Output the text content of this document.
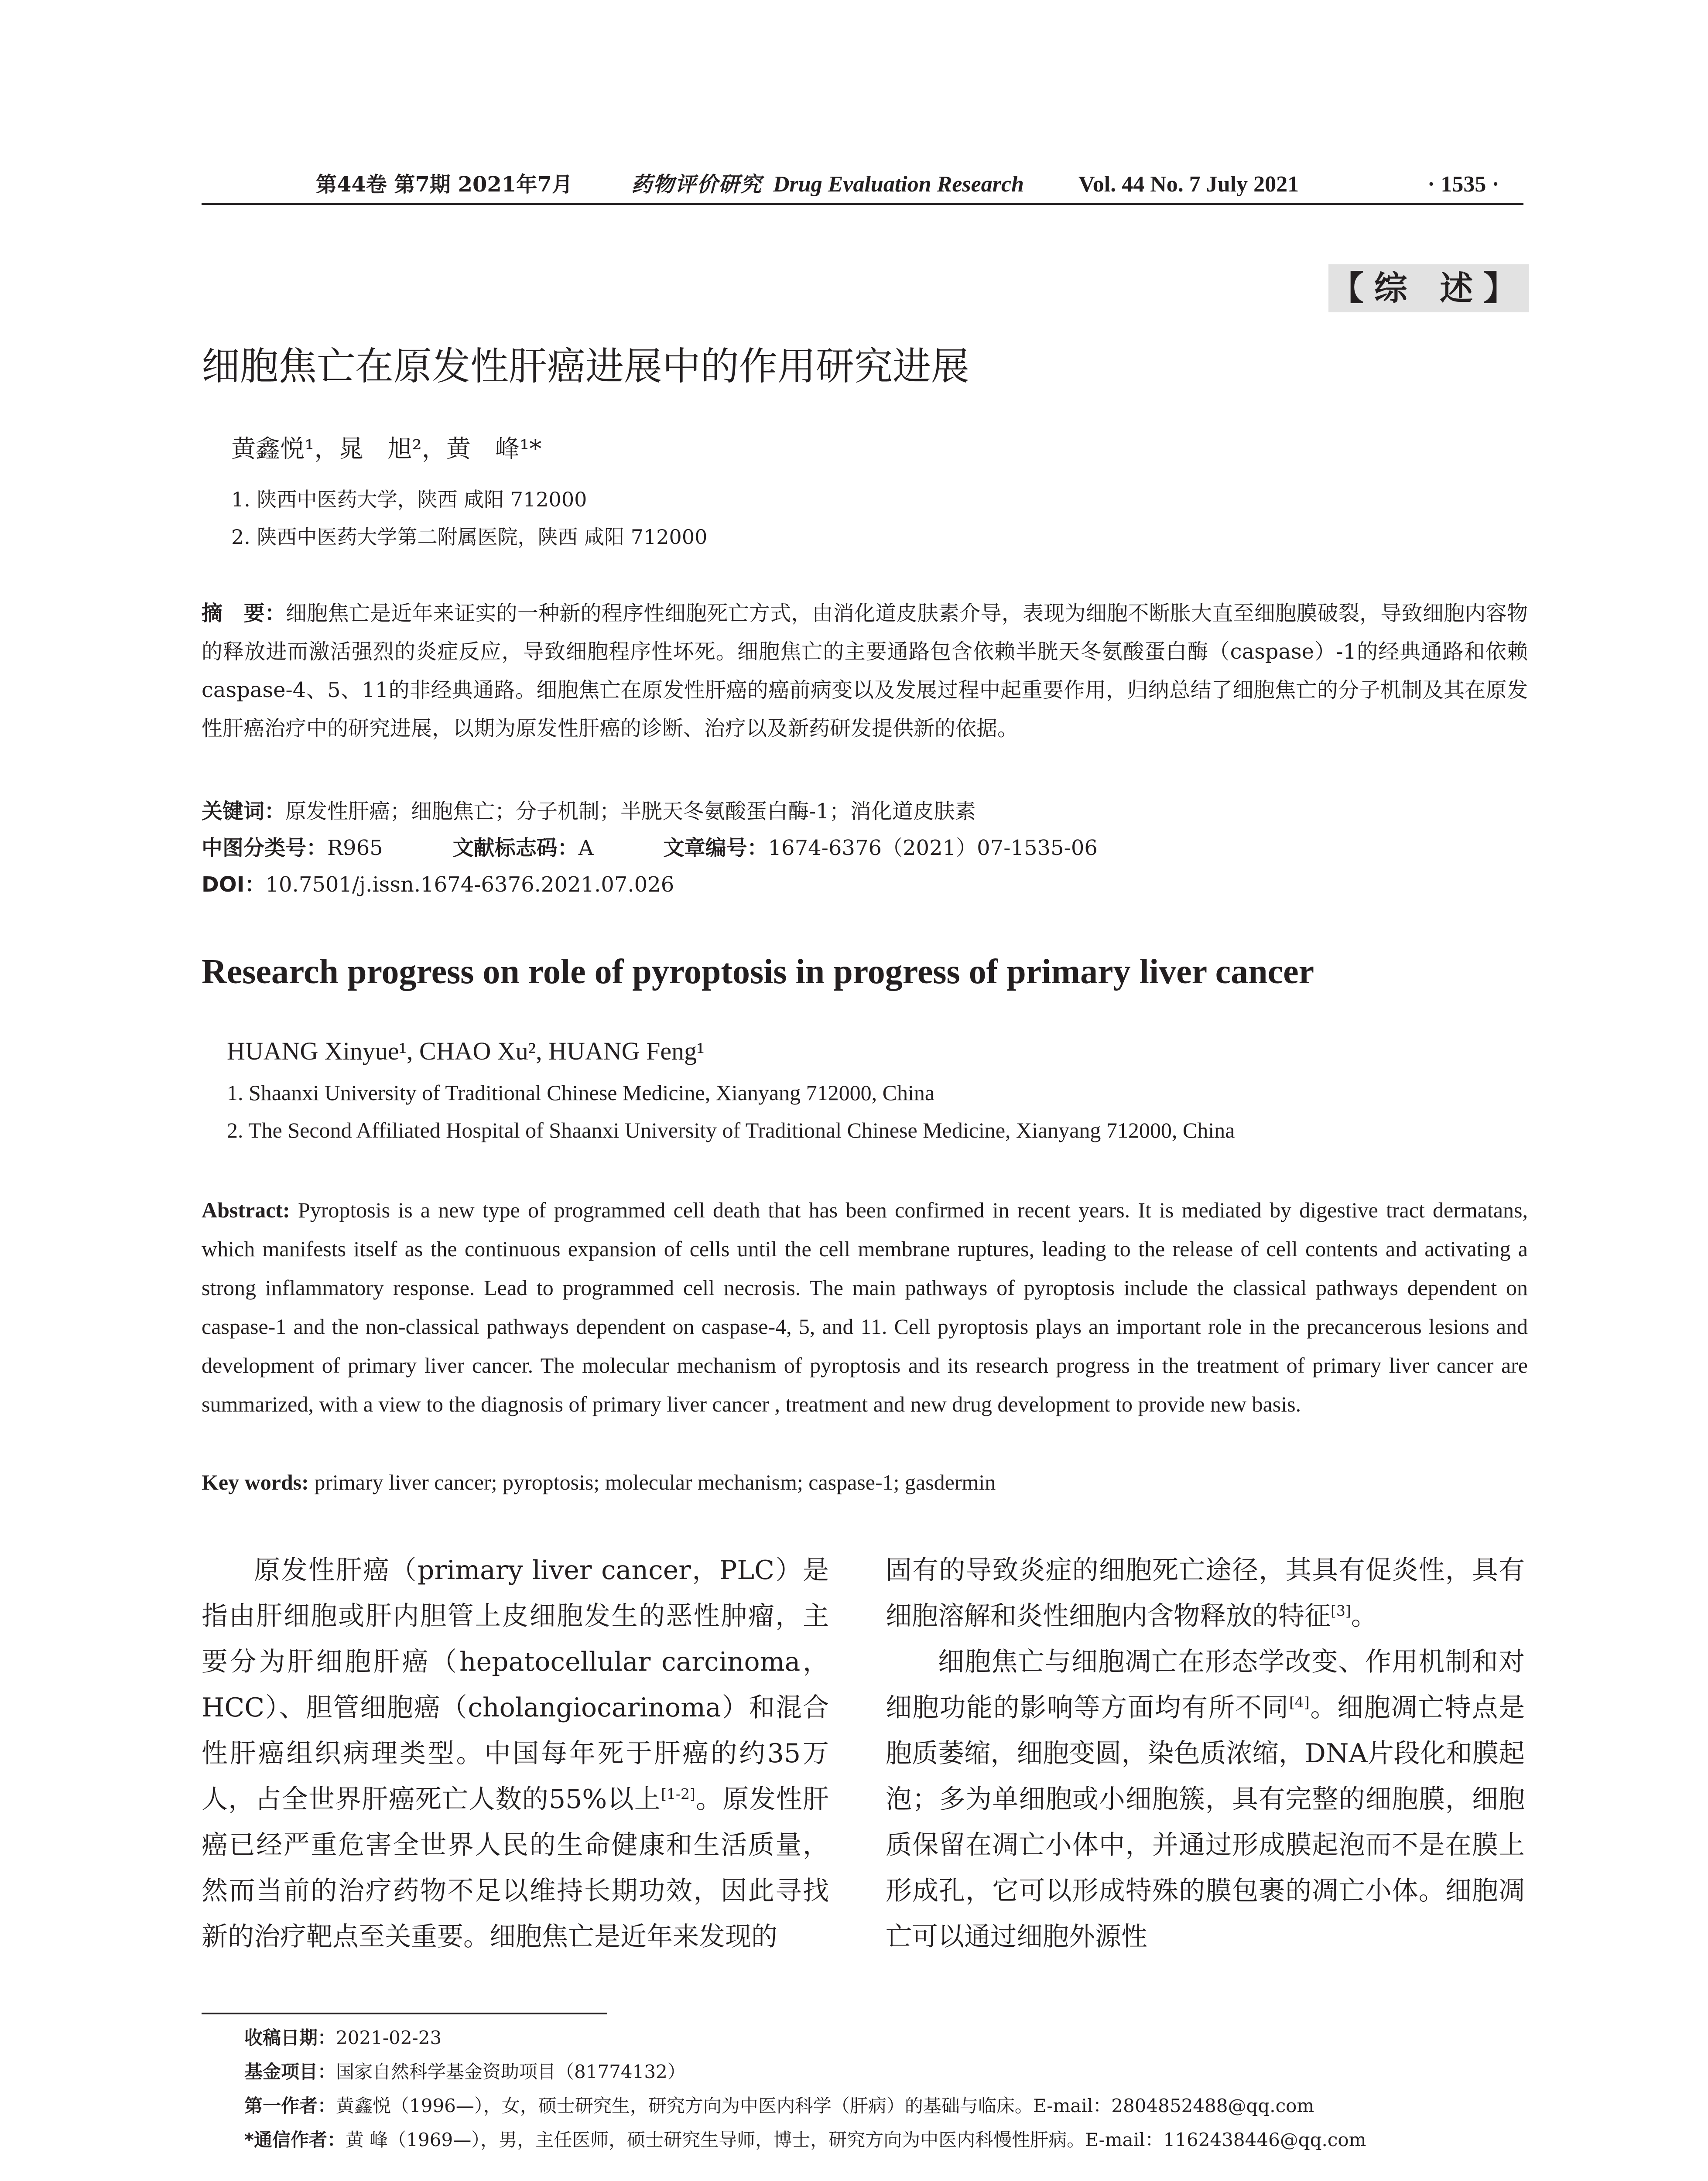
第44卷 第7期 2021年7月	药物评价研究 Drug Evaluation Research Vol. 44 No. 7 July 2021	· 1535 ·
【综 述】
细胞焦亡在原发性肝癌进展中的作用研究进展
黄鑫悦¹，晁　旭²，黄　峰¹*
1. 陕西中医药大学，陕西 咸阳 712000
2. 陕西中医药大学第二附属医院，陕西 咸阳 712000
摘　要：细胞焦亡是近年来证实的一种新的程序性细胞死亡方式，由消化道皮肤素介导，表现为细胞不断胀大直至细胞膜破裂，导致细胞内容物的释放进而激活强烈的炎症反应，导致细胞程序性坏死。细胞焦亡的主要通路包含依赖半胱天冬氨酸蛋白酶（caspase）-1的经典通路和依赖caspase-4、5、11的非经典通路。细胞焦亡在原发性肝癌的癌前病变以及发展过程中起重要作用，归纳总结了细胞焦亡的分子机制及其在原发性肝癌治疗中的研究进展，以期为原发性肝癌的诊断、治疗以及新药研发提供新的依据。
关键词：原发性肝癌；细胞焦亡；分子机制；半胱天冬氨酸蛋白酶-1；消化道皮肤素
中图分类号：R965	文献标志码：A	文章编号：1674-6376（2021）07-1535-06
DOI：10.7501/j.issn.1674-6376.2021.07.026
Research progress on role of pyroptosis in progress of primary liver cancer
HUANG Xinyue¹, CHAO Xu², HUANG Feng¹
1. Shaanxi University of Traditional Chinese Medicine, Xianyang 712000, China
2. The Second Affiliated Hospital of Shaanxi University of Traditional Chinese Medicine, Xianyang 712000, China
Abstract: Pyroptosis is a new type of programmed cell death that has been confirmed in recent years. It is mediated by digestive tract dermatans, which manifests itself as the continuous expansion of cells until the cell membrane ruptures, leading to the release of cell contents and activating a strong inflammatory response. Lead to programmed cell necrosis. The main pathways of pyroptosis include the classical pathways dependent on caspase-1 and the non-classical pathways dependent on caspase-4, 5, and 11. Cell pyroptosis plays an important role in the precancerous lesions and development of primary liver cancer. The molecular mechanism of pyroptosis and its research progress in the treatment of primary liver cancer are summarized, with a view to the diagnosis of primary liver cancer , treatment and new drug development to provide new basis.
Key words: primary liver cancer; pyroptosis; molecular mechanism; caspase-1; gasdermin
原发性肝癌（primary liver cancer，PLC）是指由肝细胞或肝内胆管上皮细胞发生的恶性肿瘤，主要分为肝细胞肝癌（hepatocellular carcinoma，HCC）、胆管细胞癌（cholangiocarinoma）和混合性肝癌组织病理类型。中国每年死于肝癌的约35万人，占全世界肝癌死亡人数的55%以上[1-2]。原发性肝癌已经严重危害全世界人民的生命健康和生活质量，然而当前的治疗药物不足以维持长期功效，因此寻找新的治疗靶点至关重要。细胞焦亡是近年来发现的

固有的导致炎症的细胞死亡途径，其具有促炎性，具有细胞溶解和炎性细胞内含物释放的特征[3]。

细胞焦亡与细胞凋亡在形态学改变、作用机制和对细胞功能的影响等方面均有所不同[4]。细胞凋亡特点是胞质萎缩，细胞变圆，染色质浓缩，DNA片段化和膜起泡；多为单细胞或小细胞簇，具有完整的细胞膜，细胞质保留在凋亡小体中，并通过形成膜起泡而不是在膜上形成孔，它可以形成特殊的膜包裹的凋亡小体。细胞凋亡可以通过细胞外源性

收稿日期：2021-02-23
基金项目：国家自然科学基金资助项目（81774132）
第一作者：黄鑫悦（1996—），女，硕士研究生，研究方向为中医内科学（肝病）的基础与临床。E-mail：2804852488@qq.com
*通信作者：黄 峰（1969—），男，主任医师，硕士研究生导师，博士，研究方向为中医内科慢性肝病。E-mail：1162438446@qq.com
